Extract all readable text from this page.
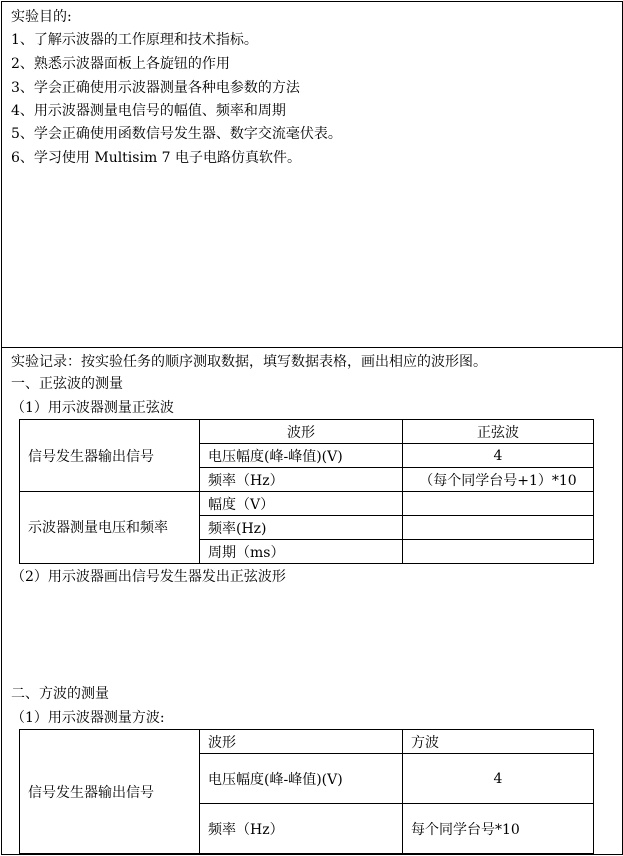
实验目的:
1、了解示波器的工作原理和技术指标。
2、熟悉示波器面板上各旋钮的作用
3、学会正确使用示波器测量各种电参数的方法
4、用示波器测量电信号的幅值、频率和周期
5、学会正确使用函数信号发生器、数字交流毫伏表。
6、学习使用 Multisim 7 电子电路仿真软件。
实验记录：按实验任务的顺序测取数据，填写数据表格，画出相应的波形图。
一、正弦波的测量
（1）用示波器测量正弦波
信号发生器输出信号	波形	正弦波
	电压幅度(峰-峰值)(V)	4
	频率（Hz）	（每个同学台号+1）*10
示波器测量电压和频率	幅度（V）	
	频率(Hz)	
	周期（ms）	
（2）用示波器画出信号发生器发出正弦波形
二、方波的测量
（1）用示波器测量方波:
信号发生器输出信号	波形	方波
	电压幅度(峰-峰值)(V)	4
	频率（Hz）	每个同学台号*10
